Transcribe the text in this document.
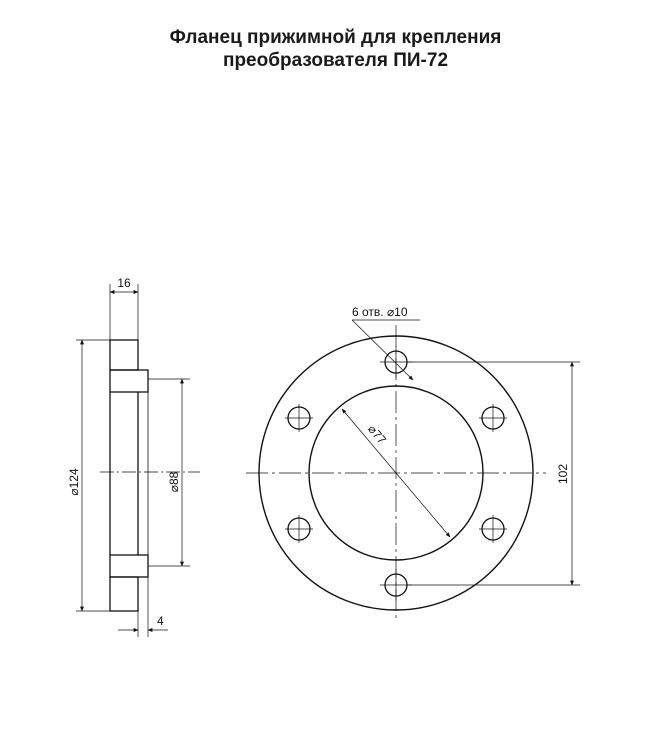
Фланец прижимной для крепления
преобразователя ПИ-72
16
⌀124	⌀88
4
6 отв. ⌀10
⌀77
102
